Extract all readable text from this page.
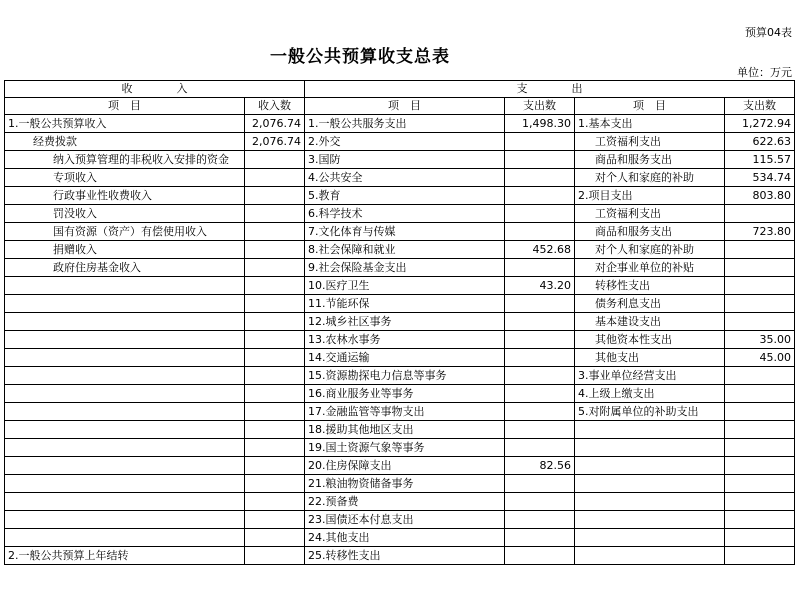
预算04表
一般公共预算收支总表
单位：万元
收　　　　入		支　　　　出			
项　目	收入数	项　目	支出数	项　目	支出数
1.一般公共预算收入	2,076.74	1.一般公共服务支出	1,498.30	1.基本支出	1,272.94
经费拨款	2,076.74	2.外交		工资福利支出	622.63
纳入预算管理的非税收入安排的资金		3.国防		商品和服务支出	115.57
专项收入		4.公共安全		对个人和家庭的补助	534.74
行政事业性收费收入		5.教育		2.项目支出	803.80
罚没收入		6.科学技术		工资福利支出	
国有资源（资产）有偿使用收入		7.文化体育与传媒		商品和服务支出	723.80
捐赠收入		8.社会保障和就业	452.68	对个人和家庭的补助	
政府住房基金收入		9.社会保险基金支出		对企事业单位的补贴	
		10.医疗卫生	43.20	转移性支出	
		11.节能环保		债务利息支出	
		12.城乡社区事务		基本建设支出	
		13.农林水事务		其他资本性支出	35.00
		14.交通运输		其他支出	45.00
		15.资源勘探电力信息等事务		3.事业单位经营支出	
		16.商业服务业等事务		4.上级上缴支出	
		17.金融监管等事物支出		5.对附属单位的补助支出	
		18.援助其他地区支出			
		19.国土资源气象等事务			
		20.住房保障支出	82.56		
		21.粮油物资储备事务			
		22.预备费			
		23.国债还本付息支出			
		24.其他支出			
2.一般公共预算上年结转		25.转移性支出			
